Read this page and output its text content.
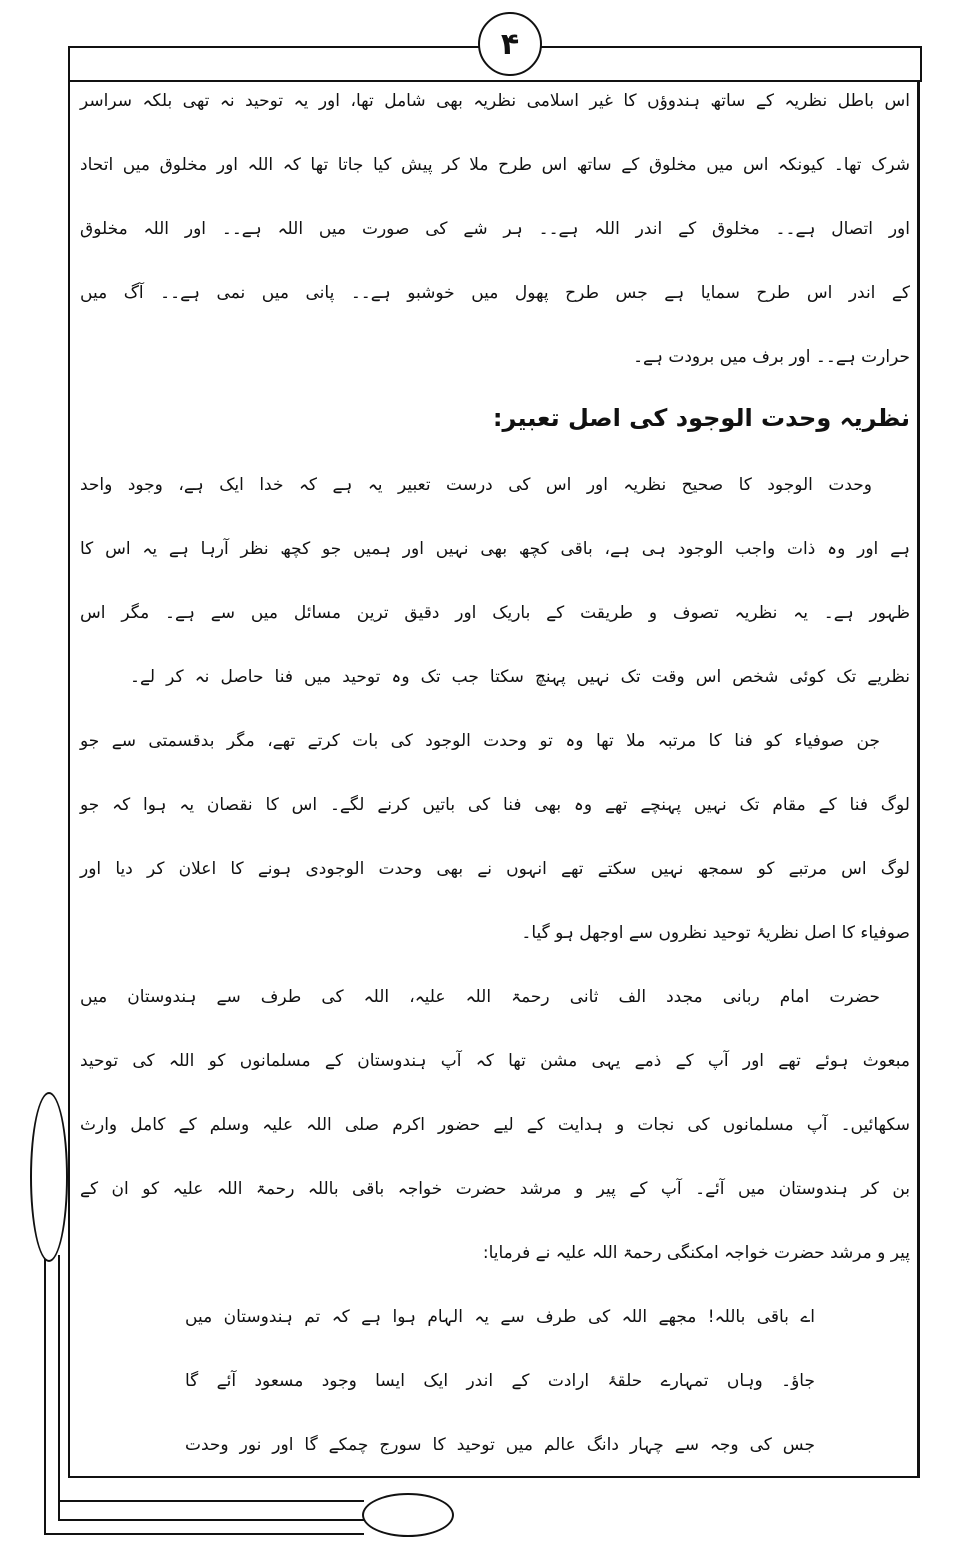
۴
اس باطل نظریہ کے ساتھ ہندوؤں کا غیر اسلامی نظریہ بھی شامل تھا، اور یہ توحید نہ تھی بلکہ سراسر
شرک تھا۔ کیونکہ اس میں مخلوق کے ساتھ اس طرح ملا کر پیش کیا جاتا تھا کہ اللہ اور مخلوق میں اتحاد
اور اتصال ہے۔۔ مخلوق کے اندر اللہ ہے۔۔ ہر شے کی صورت میں اللہ ہے۔۔ اور اللہ مخلوق
کے اندر اس طرح سمایا ہے جس طرح پھول میں خوشبو ہے۔۔ پانی میں نمی ہے۔۔ آگ میں
حرارت ہے۔۔ اور برف میں برودت ہے۔
نظریہ وحدت الوجود کی اصل تعبیر:
وحدت الوجود کا صحیح نظریہ اور اس کی درست تعبیر یہ ہے کہ خدا ایک ہے، وجود واحد
ہے اور وہ ذات واجب الوجود ہی ہے، باقی کچھ بھی نہیں اور ہمیں جو کچھ نظر آرہا ہے یہ اس کا
ظہور ہے۔ یہ نظریہ تصوف و طریقت کے باریک اور دقیق ترین مسائل میں سے ہے۔ مگر اس
نظریے تک کوئی شخص اس وقت تک نہیں پہنچ سکتا جب تک وہ توحید میں فنا حاصل نہ کر لے۔
جن صوفیاء کو فنا کا مرتبہ ملا تھا وہ تو وحدت الوجود کی بات کرتے تھے، مگر بدقسمتی سے جو
لوگ فنا کے مقام تک نہیں پہنچے تھے وہ بھی فنا کی باتیں کرنے لگے۔ اس کا نقصان یہ ہوا کہ جو
لوگ اس مرتبے کو سمجھ نہیں سکتے تھے انہوں نے بھی وحدت الوجودی ہونے کا اعلان کر دیا اور
صوفیاء کا اصل نظریۂ توحید نظروں سے اوجھل ہو گیا۔
حضرت امام ربانی مجدد الف ثانی رحمۃ اللہ علیہ، اللہ کی طرف سے ہندوستان میں
مبعوث ہوئے تھے اور آپ کے ذمے یہی مشن تھا کہ آپ ہندوستان کے مسلمانوں کو اللہ کی توحید
سکھائیں۔ آپ مسلمانوں کی نجات و ہدایت کے لیے حضور اکرم صلی اللہ علیہ وسلم کے کامل وارث
بن کر ہندوستان میں آئے۔ آپ کے پیر و مرشد حضرت خواجہ باقی باللہ رحمۃ اللہ علیہ کو ان کے
پیر و مرشد حضرت خواجہ امکنگی رحمۃ اللہ علیہ نے فرمایا:
اے باقی باللہ! مجھے اللہ کی طرف سے یہ الہام ہوا ہے کہ تم ہندوستان میں
جاؤ۔ وہاں تمہارے حلقۂ ارادت کے اندر ایک ایسا وجود مسعود آئے گا
جس کی وجہ سے چہار دانگ عالم میں توحید کا سورج چمکے گا اور نور وحدت
